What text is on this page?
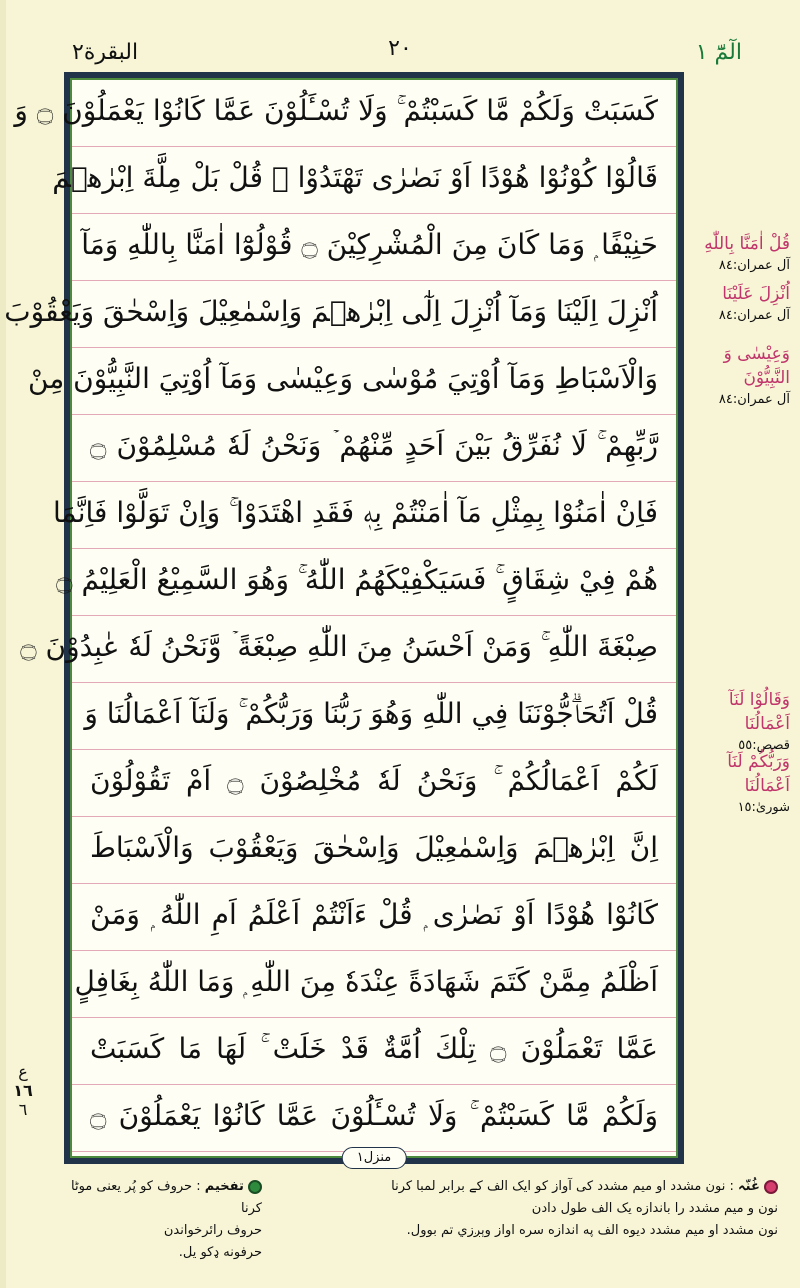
الٓمّٓ ١
٢٠
البقرة٢
كَسَبَتْ وَلَكُمْ مَّا كَسَبْتُمْ ۚ وَلَا تُسْـَٔلُوْنَ عَمَّا كَانُوْا يَعْمَلُوْنَ ۝ وَ
قَالُوْا كُوْنُوْا هُوْدًا اَوْ نَصٰرٰى تَهْتَدُوْا ۭ قُلْ بَلْ مِلَّةَ اِبْرٰهٖمَ
حَنِيْفًا ۭ وَمَا كَانَ مِنَ الْمُشْرِكِيْنَ ۝ قُوْلُوْٓا اٰمَنَّا بِاللّٰهِ وَمَآ
اُنْزِلَ اِلَيْنَا وَمَآ اُنْزِلَ اِلٰٓى اِبْرٰهٖمَ وَاِسْمٰعِيْلَ وَاِسْحٰقَ وَيَعْقُوْبَ
وَالْاَسْبَاطِ وَمَآ اُوْتِيَ مُوْسٰى وَعِيْسٰى وَمَآ اُوْتِيَ النَّبِيُّوْنَ مِنْ
رَّبِّهِمْ ۚ لَا نُفَرِّقُ بَيْنَ اَحَدٍ مِّنْهُمْ ۡ وَنَحْنُ لَهٗ مُسْلِمُوْنَ ۝
فَاِنْ اٰمَنُوْا بِمِثْلِ مَآ اٰمَنْتُمْ بِهٖ فَقَدِ اهْتَدَوْا ۚ وَاِنْ تَوَلَّوْا فَاِنَّمَا
هُمْ فِيْ شِقَاقٍ ۚ فَسَيَكْفِيْكَهُمُ اللّٰهُ ۚ وَهُوَ السَّمِيْعُ الْعَلِيْمُ ۝
صِبْغَةَ اللّٰهِ ۚ وَمَنْ اَحْسَنُ مِنَ اللّٰهِ صِبْغَةً ۡ وَّنَحْنُ لَهٗ عٰبِدُوْنَ ۝
قُلْ اَتُحَاۗجُّوْنَنَا فِي اللّٰهِ وَهُوَ رَبُّنَا وَرَبُّكُمْ ۚ وَلَنَآ اَعْمَالُنَا وَ
لَكُمْ اَعْمَالُكُمْ ۚ وَنَحْنُ لَهٗ مُخْلِصُوْنَ ۝ اَمْ تَقُوْلُوْنَ
اِنَّ اِبْرٰهٖمَ وَاِسْمٰعِيْلَ وَاِسْحٰقَ وَيَعْقُوْبَ وَالْاَسْبَاطَ
كَانُوْا هُوْدًا اَوْ نَصٰرٰى ۭ قُلْ ءَاَنْتُمْ اَعْلَمُ اَمِ اللّٰهُ ۭ وَمَنْ
اَظْلَمُ مِمَّنْ كَتَمَ شَهَادَةً عِنْدَهٗ مِنَ اللّٰهِ ۭ وَمَا اللّٰهُ بِغَافِلٍ
عَمَّا تَعْمَلُوْنَ ۝ تِلْكَ اُمَّةٌ قَدْ خَلَتْ ۚ لَهَا مَا كَسَبَتْ
وَلَكُمْ مَّا كَسَبْتُمْ ۚ وَلَا تُسْـَٔلُوْنَ عَمَّا كَانُوْا يَعْمَلُوْنَ ۝
منزل١
قُلْ اٰمَنَّا بِاللّٰهِ
آل عمران:٨٤
اُنْزِلَ عَلَيْنَا
آل عمران:٨٤
وَعِيْسٰى وَ النَّبِيُّوْنَ
آل عمران:٨٤
وَقَالُوْا لَنَآ اَعْمَالُنَا
قصص:٥٥
وَرَبُّكُمْ لَنَآ اَعْمَالُنَا
شوریٰ:١٥
ع
١٦
٦
تفخیم : حروف کو پُر یعنی موٹا کرنا
حروف رائرخواندن
حرفونه ډکو یل.
غُنّہ : نون مشدد او میم مشدد کی آواز کو ایک الف کے برابر لمبا کرنا
نون و میم مشدد را باندازه یک الف طول دادن
نون مشدد او میم مشدد دیوه الف په اندازه سره اواز وېږزي تم بوول.
